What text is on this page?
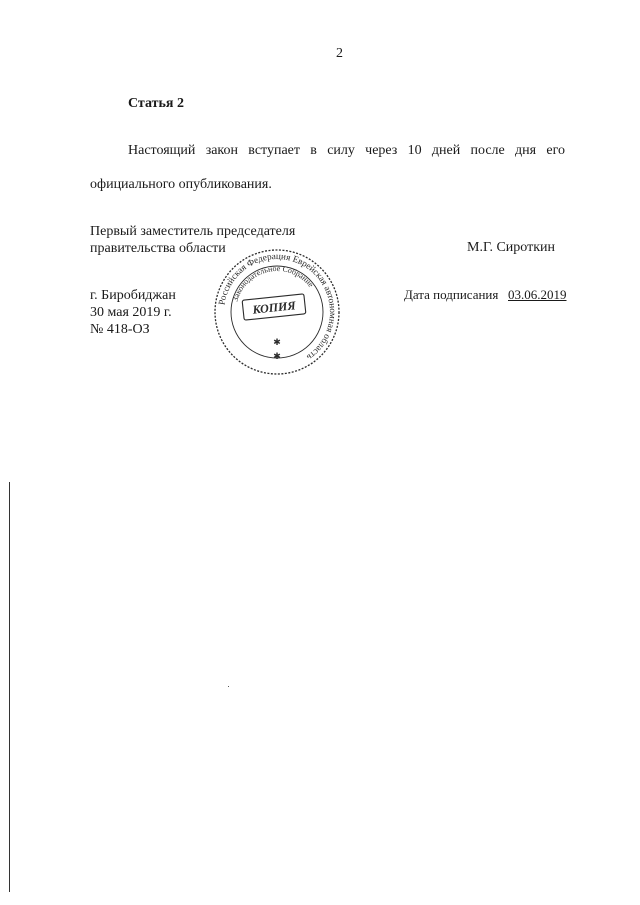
2
Статья 2
Настоящий закон вступает в силу через 10 дней после дня его
официального опубликования.
Первый заместитель председателя
правительства области	М.Г. Сироткин
г. Биробиджан
30 мая 2019 г.
№ 418-ОЗ
Дата подписания 03.06.2019
Российская Федерация Еврейская автономная область
Законодательное Собрание
КОПИЯ
✱
✱
